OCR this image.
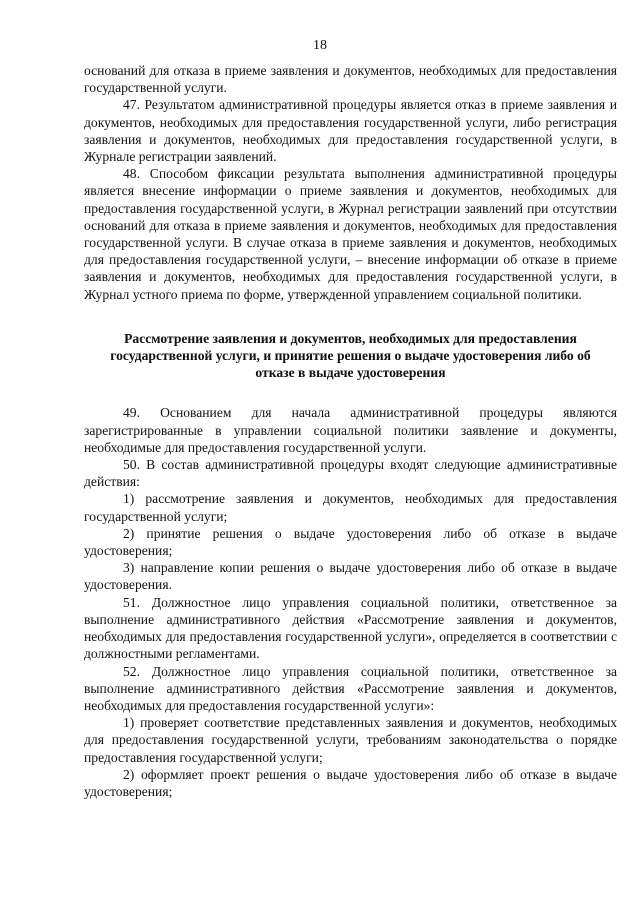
18

оснований для отказа в приеме заявления и документов, необходимых для предоставления государственной услуги.

47. Результатом административной процедуры является отказ в приеме заявления и документов, необходимых для предоставления государственной услуги, либо регистрация заявления и документов, необходимых для предоставления государственной услуги, в Журнале регистрации заявлений.

48. Способом фиксации результата выполнения административной процедуры является внесение информации о приеме заявления и документов, необходимых для предоставления государственной услуги, в Журнал регистрации заявлений при отсутствии оснований для отказа в приеме заявления и документов, необходимых для предоставления государственной услуги. В случае отказа в приеме заявления и документов, необходимых для предоставления государственной услуги, – внесение информации об отказе в приеме заявления и документов, необходимых для предоставления государственной услуги, в Журнал устного приема по форме, утвержденной управлением социальной политики.

Рассмотрение заявления и документов, необходимых для предоставления государственной услуги, и принятие решения о выдаче удостоверения либо об отказе в выдаче удостоверения

49. Основанием для начала административной процедуры являются зарегистрированные в управлении социальной политики заявление и документы, необходимые для предоставления государственной услуги.

50. В состав административной процедуры входят следующие административные действия:

1) рассмотрение заявления и документов, необходимых для предоставления государственной услуги;

2) принятие решения о выдаче удостоверения либо об отказе в выдаче удостоверения;

3) направление копии решения о выдаче удостоверения либо об отказе в выдаче удостоверения.

51. Должностное лицо управления социальной политики, ответственное за выполнение административного действия «Рассмотрение заявления и документов, необходимых для предоставления государственной услуги», определяется в соответствии с должностными регламентами.

52. Должностное лицо управления социальной политики, ответственное за выполнение административного действия «Рассмотрение заявления и документов, необходимых для предоставления государственной услуги»:

1) проверяет соответствие представленных заявления и документов, необходимых для предоставления государственной услуги, требованиям законодательства о порядке предоставления государственной услуги;

2) оформляет проект решения о выдаче удостоверения либо об отказе в выдаче удостоверения;
